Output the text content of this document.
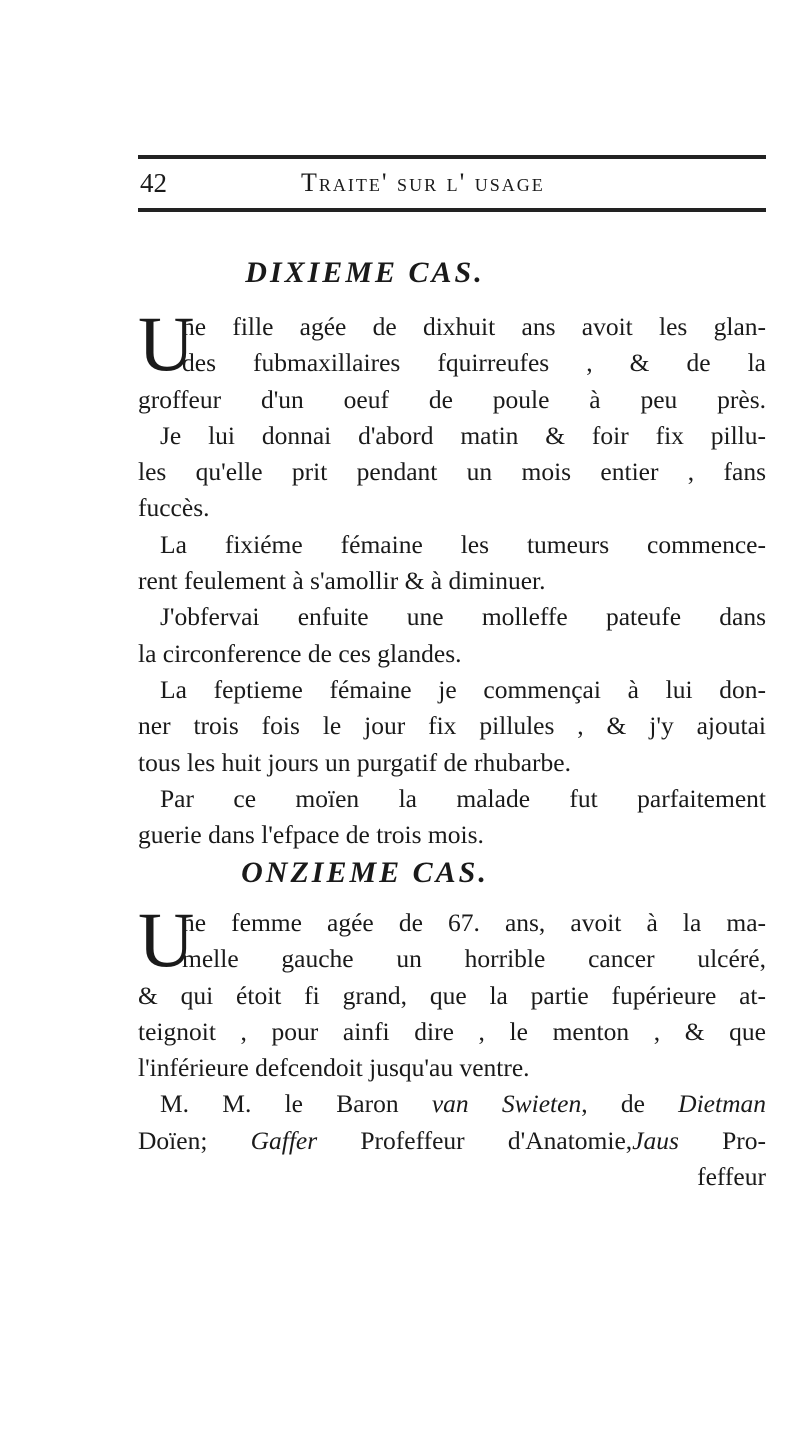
42	Traite' sur l' usage
DIXIEME CAS.
U
ne fille agée de dixhuit ans avoit les glan-
des fubmaxillaires fquirreufes , & de la
groffeur d'un oeuf de poule à peu près.
Je lui donnai d'abord matin & foir fix pillu-
les qu'elle prit pendant un mois entier , fans
fuccès.
La fixiéme fémaine les tumeurs commence-
rent feulement à s'amollir & à diminuer.
J'obfervai enfuite une molleffe pateufe dans
la circonference de ces glandes.
La feptieme fémaine je commençai à lui don-
ner trois fois le jour fix pillules , & j'y ajoutai
tous les huit jours un purgatif de rhubarbe.
Par ce moïen la malade fut parfaitement
guerie dans l'efpace de trois mois.
ONZIEME CAS.
U
ne femme agée de 67. ans, avoit à la ma-
melle gauche un horrible cancer ulcéré,
& qui étoit fi grand, que la partie fupérieure at-
teignoit , pour ainfi dire , le menton , & que
l'inférieure defcendoit jusqu'au ventre.
M. M. le Baron van Swieten, de Dietman
Doïen; Gaffer Profeffeur d'Anatomie,Jaus Pro-
feffeur
